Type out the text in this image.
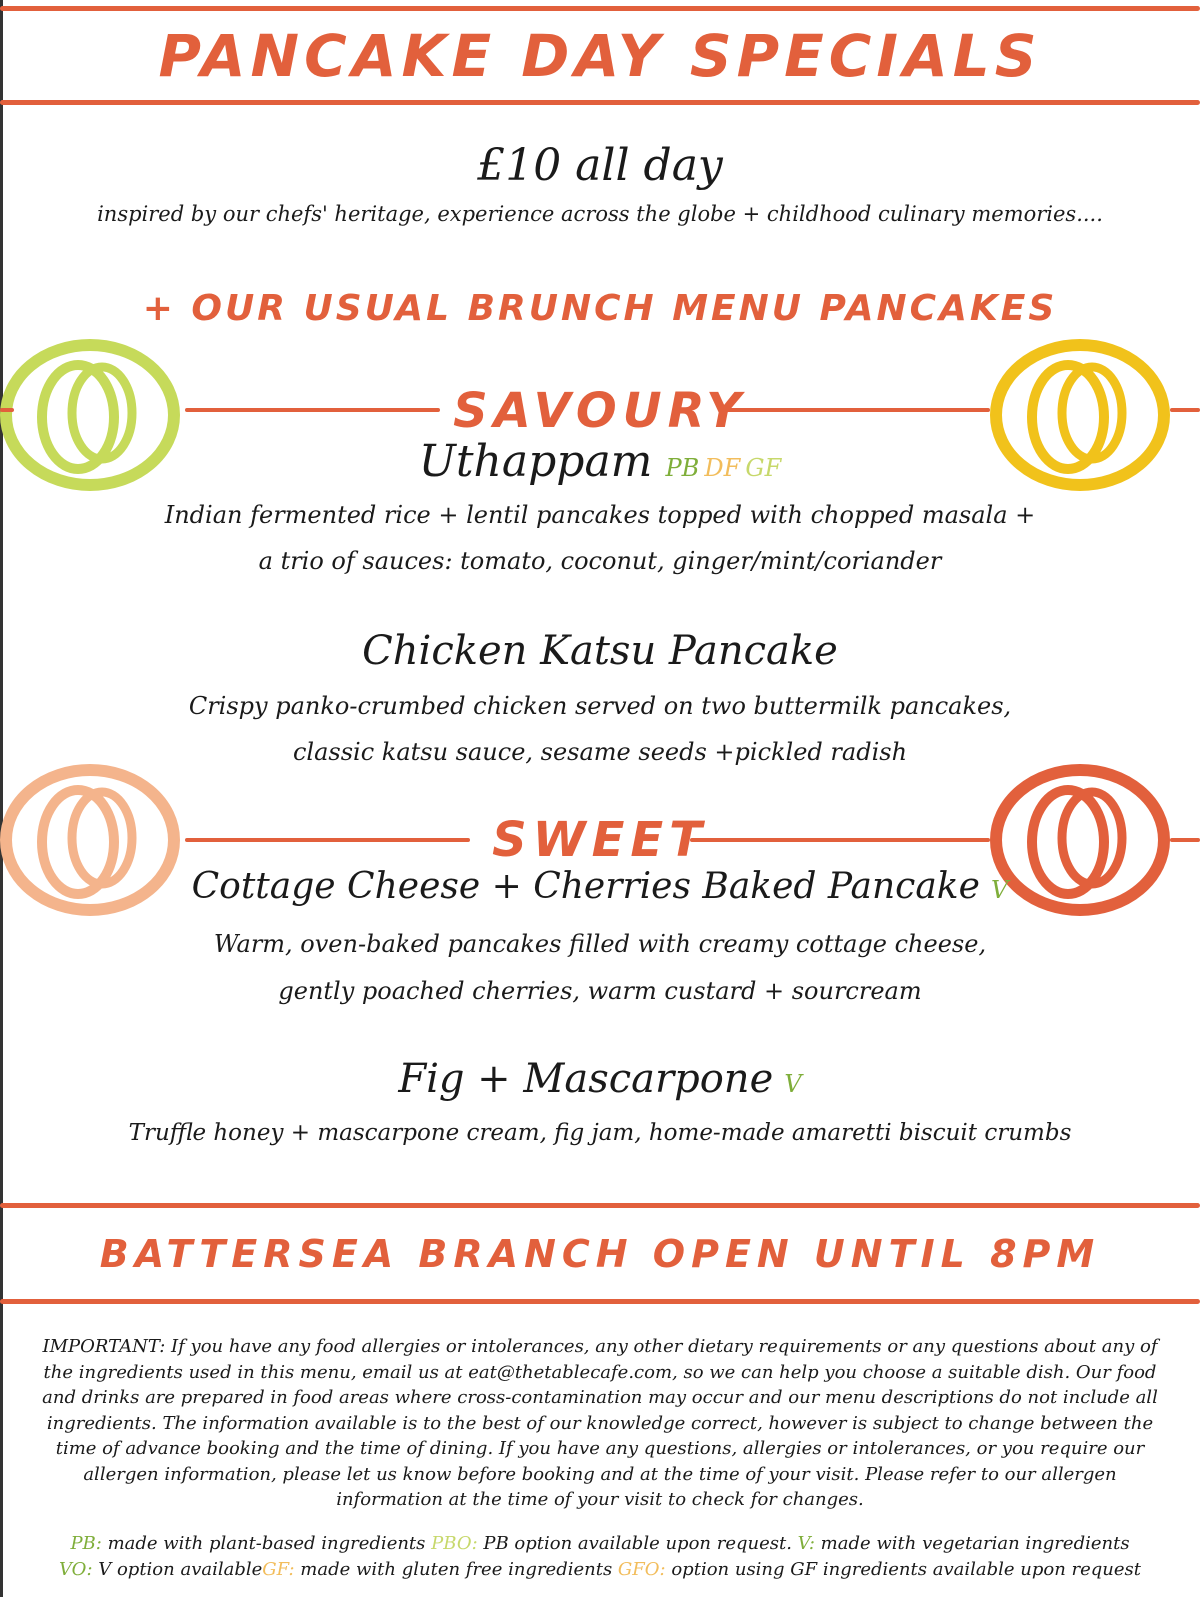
PANCAKE DAY SPECIALS
£10 all day
inspired by our chefs' heritage, experience across the globe + childhood culinary memories....
+ OUR USUAL BRUNCH MENU PANCAKES
SAVOURY
Uthappam PB DF GF
Indian fermented rice + lentil pancakes topped with chopped masala +
a trio of sauces: tomato, coconut, ginger/mint/coriander
Chicken Katsu Pancake
Crispy panko-crumbed chicken served on two buttermilk pancakes,
classic katsu sauce, sesame seeds +pickled radish
SWEET
Cottage Cheese + Cherries Baked Pancake V
Warm, oven-baked pancakes filled with creamy cottage cheese,
gently poached cherries, warm custard + sourcream
Fig + Mascarpone V
Truffle honey + mascarpone cream, fig jam, home-made amaretti biscuit crumbs
BATTERSEA BRANCH OPEN UNTIL 8PM
IMPORTANT: If you have any food allergies or intolerances, any other dietary requirements or any questions about any of the ingredients used in this menu, email us at eat@thetablecafe.com, so we can help you choose a suitable dish. Our food and drinks are prepared in food areas where cross-contamination may occur and our menu descriptions do not include all ingredients. The information available is to the best of our knowledge correct, however is subject to change between the time of advance booking and the time of dining. If you have any questions, allergies or intolerances, or you require our allergen information, please let us know before booking and at the time of your visit. Please refer to our allergen information at the time of your visit to check for changes.
PB: made with plant-based ingredients PBO: PB option available upon request. V: made with vegetarian ingredients
VO: V option availableGF: made with gluten free ingredients GFO: option using GF ingredients available upon request
